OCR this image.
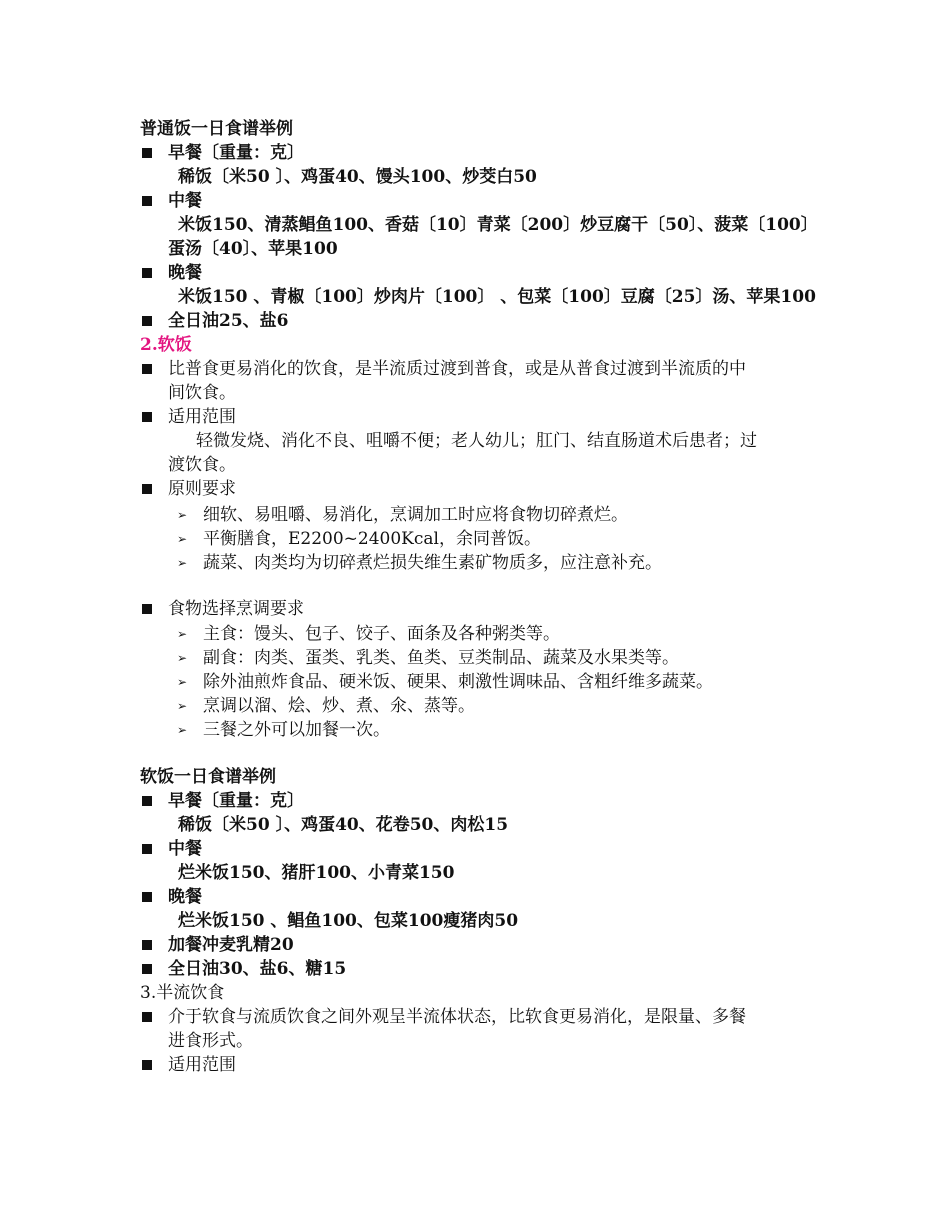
普通饭一日食谱举例
早餐〔重量：克〕
稀饭〔米50 〕、鸡蛋40、馒头100、炒茭白50
中餐
米饭150、清蒸鲳鱼100、香菇〔10〕青菜〔200〕炒豆腐干〔50〕、菠菜〔100〕
蛋汤〔40〕、苹果100
晚餐
米饭150 、青椒〔100〕炒肉片〔100〕 、包菜〔100〕豆腐〔25〕汤、苹果100
全日油25、盐6
2.软饭
比普食更易消化的饮食，是半流质过渡到普食，或是从普食过渡到半流质的中
间饮食。
适用范围
轻微发烧、消化不良、咀嚼不便；老人幼儿；肛门、结直肠道术后患者；过
渡饮食。
原则要求
➢ 细软、易咀嚼、易消化，烹调加工时应将食物切碎煮烂。
➢ 平衡膳食，E2200~2400Kcal，余同普饭。
➢ 蔬菜、肉类均为切碎煮烂损失维生素矿物质多，应注意补充。
食物选择烹调要求
➢ 主食：馒头、包子、饺子、面条及各种粥类等。
➢ 副食：肉类、蛋类、乳类、鱼类、豆类制品、蔬菜及水果类等。
➢ 除外油煎炸食品、硬米饭、硬果、刺激性调味品、含粗纤维多蔬菜。
➢ 烹调以溜、烩、炒、煮、氽、蒸等。
➢ 三餐之外可以加餐一次。
软饭一日食谱举例
早餐〔重量：克〕
稀饭〔米50 〕、鸡蛋40、花卷50、肉松15
中餐
烂米饭150、猪肝100、小青菜150
晚餐
烂米饭150 、鲳鱼100、包菜100瘦猪肉50
加餐冲麦乳精20
全日油30、盐6、糖15
3.半流饮食
介于软食与流质饮食之间外观呈半流体状态，比软食更易消化，是限量、多餐
进食形式。
适用范围
